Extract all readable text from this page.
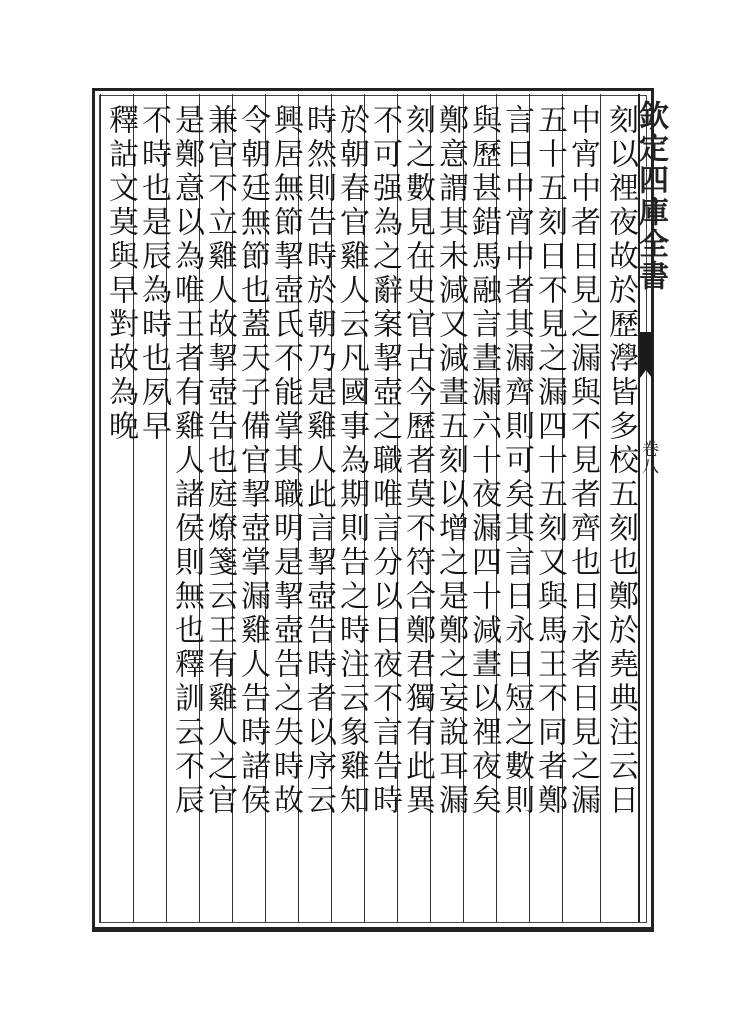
欽定四庫全書
卷八
刻以𥚃夜故於歷㶅皆多校五刻也鄭於堯典注云日
中宵中者日見之漏與不見者齊也日永者日見之漏
五十五刻日不見之漏四十五刻又與馬王不同者鄭
言日中宵中者其漏齊則可矣其言日永日短之數則
與歷甚錯馬融言晝漏六十夜漏四十減晝以𥚃夜矣
鄭意謂其未減又減晝五刻以增之是鄭之妄說耳漏
刻之數見在史官古今歷者莫不符合鄭君獨有此異
不可强為之辭案挈壺之職唯言分以日夜不言告時
於朝春官雞人云凡國事為期則告之時注云象雞知
時然則告時於朝乃是雞人此言挈壺告時者以序云
興居無節挈壺氏不能掌其職明是挈壺告之失時故
令朝廷無節也蓋天子備官挈壺掌漏雞人告時諸侯
兼官不立雞人故挈壺告也庭燎箋云王有雞人之官
是鄭意以為唯王者有雞人諸侯則無也釋訓云不辰
不時也是辰為時也夙早
釋詁文莫與早對故為晚
